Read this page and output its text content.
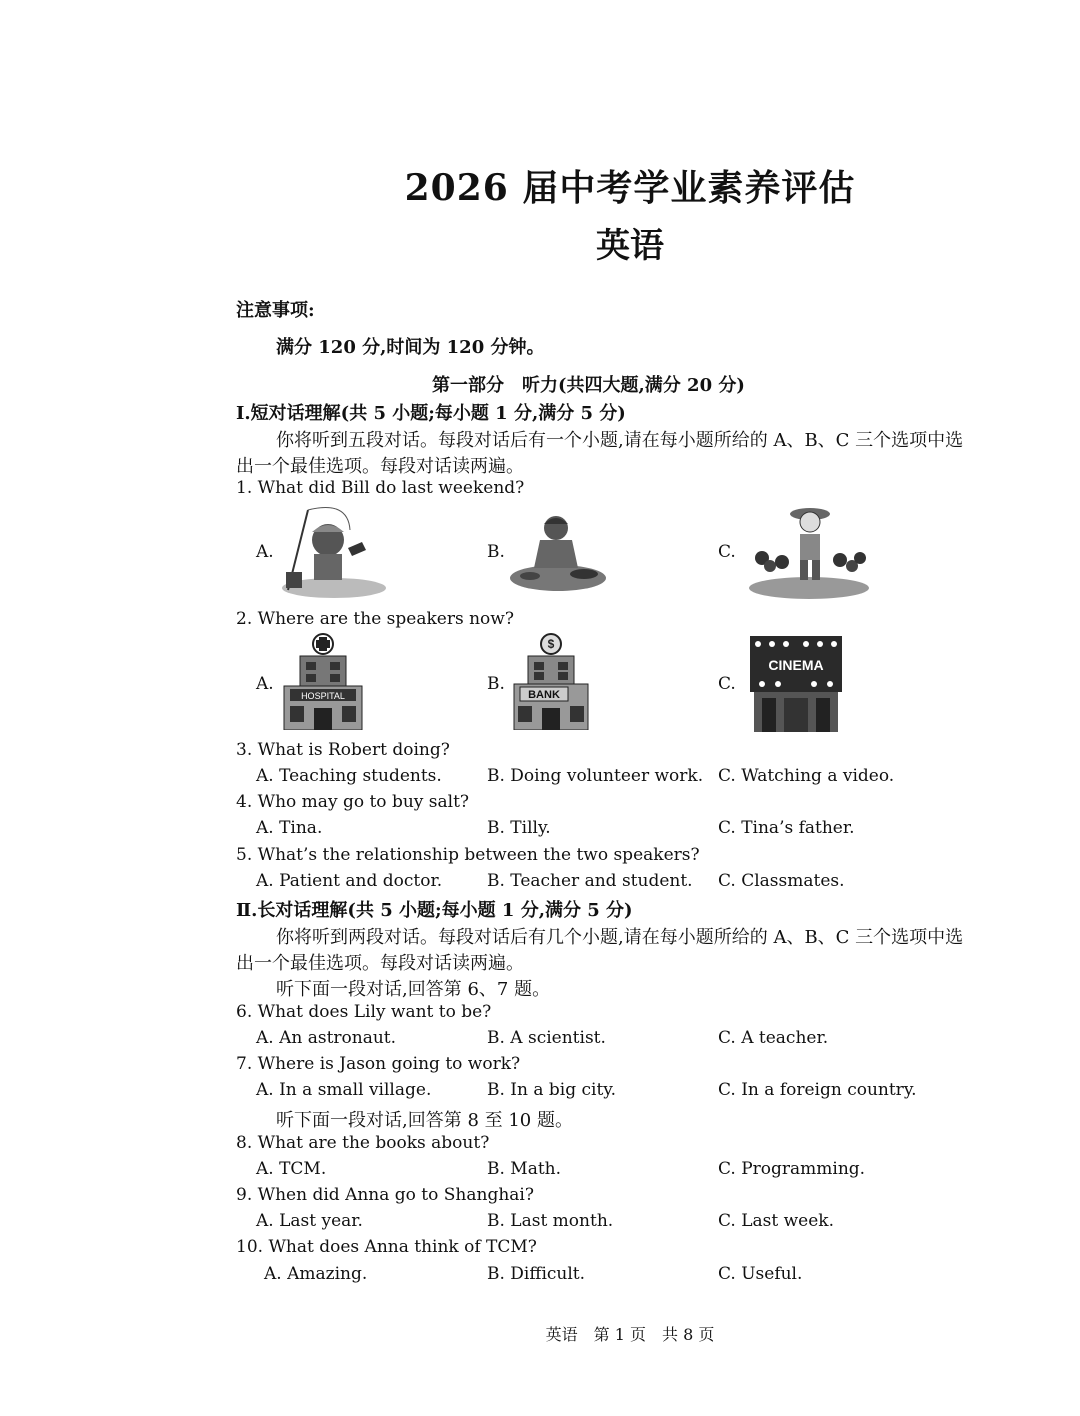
2026 届中考学业素养评估
英语
注意事项:
满分 120 分,时间为 120 分钟。
第一部分　听力(共四大题,满分 20 分)
Ⅰ.短对话理解(共 5 小题;每小题 1 分,满分 5 分)
你将听到五段对话。每段对话后有一个小题,请在每小题所给的 A、B、C 三个选项中选
出一个最佳选项。每段对话读两遍。
1. What did Bill do last weekend?
A.	B.	C.
2. Where are the speakers now?
A.	B.	C.
HOSPITAL
$
BANK
CINEMA
3. What is Robert doing?
A. Teaching students.	B. Doing volunteer work. C. Watching a video.
4. Who may go to buy salt?
A. Tina.	B. Tilly.	C. Tina’s father.
5. What’s the relationship between the two speakers?
A. Patient and doctor.	B. Teacher and student. C. Classmates.
Ⅱ.长对话理解(共 5 小题;每小题 1 分,满分 5 分)
你将听到两段对话。每段对话后有几个小题,请在每小题所给的 A、B、C 三个选项中选
出一个最佳选项。每段对话读两遍。
听下面一段对话,回答第 6、7 题。
6. What does Lily want to be?
A. An astronaut.	B. A scientist.	C. A teacher.
7. Where is Jason going to work?
A. In a small village.	B. In a big city.	C. In a foreign country.
听下面一段对话,回答第 8 至 10 题。
8. What are the books about?
A. TCM.	B. Math.	C. Programming.
9. When did Anna go to Shanghai?
A. Last year.	B. Last month.	C. Last week.
10. What does Anna think of TCM?
A. Amazing.	B. Difficult.	C. Useful.
英语　第 1 页　共 8 页
